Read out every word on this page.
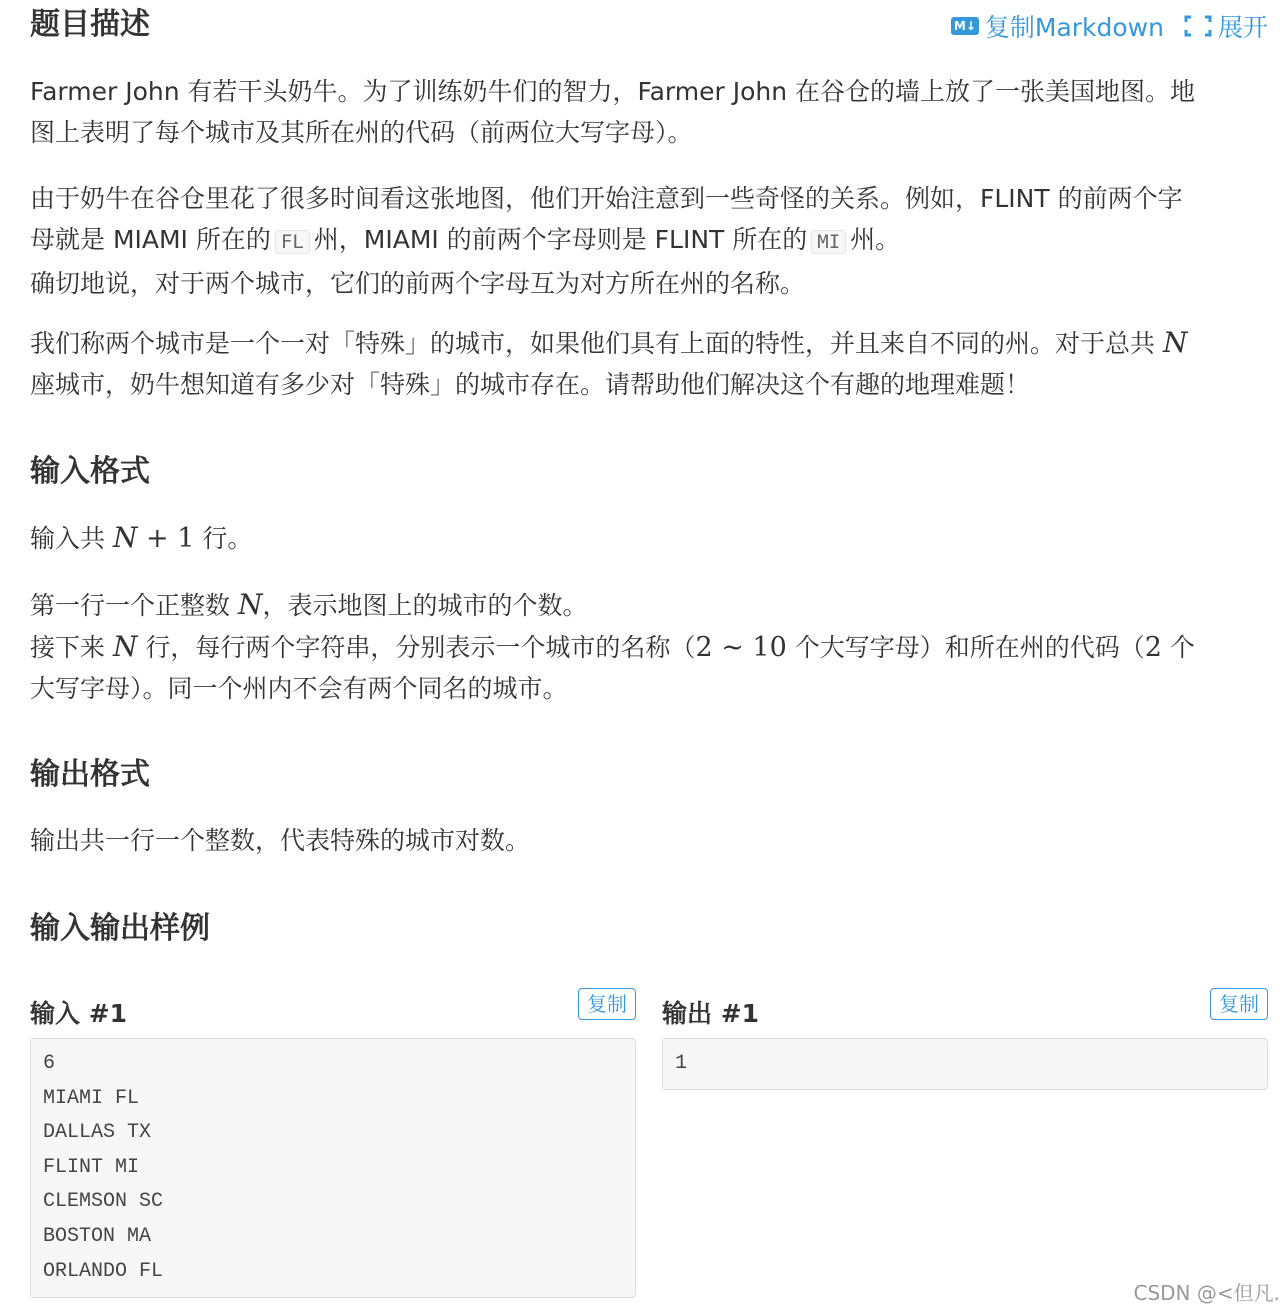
题目描述	M↓ 复制Markdown 展开

Farmer John 有若干头奶牛。为了训练奶牛们的智力，Farmer John 在谷仓的墙上放了一张美国地图。地
图上表明了每个城市及其所在州的代码（前两位大写字母）。

由于奶牛在谷仓里花了很多时间看这张地图，他们开始注意到一些奇怪的关系。例如，FLINT 的前两个字
母就是 MIAMI 所在的 FL 州，MIAMI 的前两个字母则是 FLINT 所在的 MI 州。
确切地说，对于两个城市，它们的前两个字母互为对方所在州的名称。

我们称两个城市是一个一对「特殊」的城市，如果他们具有上面的特性，并且来自不同的州。对于总共 N
座城市，奶牛想知道有多少对「特殊」的城市存在。请帮助他们解决这个有趣的地理难题！

输入格式

输入共 N + 1 行。

第一行一个正整数 N，表示地图上的城市的个数。
接下来 N 行，每行两个字符串，分别表示一个城市的名称（2 ∼ 10 个大写字母）和所在州的代码（2 个
大写字母）。同一个州内不会有两个同名的城市。

输出格式

输出共一行一个整数，代表特殊的城市对数。

输入输出样例
输入 #1	复制
6
MIAMI FL
DALLAS TX
FLINT MI
CLEMSON SC
BOSTON MA
ORLANDO FL
输出 #1	复制
1
CSDN @<但凡.
